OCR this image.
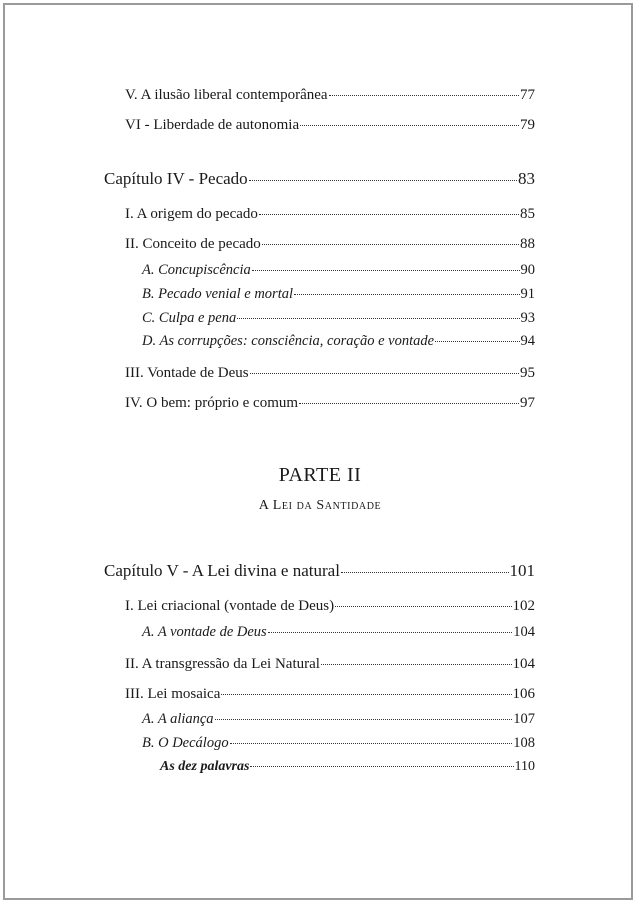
V. A ilusão liberal contemporânea	77
VI - Liberdade de autonomia	79
Capítulo IV - Pecado	83
I. A origem do pecado	85
II. Conceito de pecado	88
A. Concupiscência	90
B. Pecado venial e mortal	91
C. Culpa e pena	93
D. As corrupções: consciência, coração e vontade	94
III. Vontade de Deus	95
IV. O bem: próprio e comum	97
PARTE II
A Lei da Santidade
Capítulo V - A Lei divina e natural	101
I. Lei criacional (vontade de Deus)	102
A. A vontade de Deus	104
II. A transgressão da Lei Natural	104
III. Lei mosaica	106
A. A aliança	107
B. O Decálogo	108
As dez palavras	110
